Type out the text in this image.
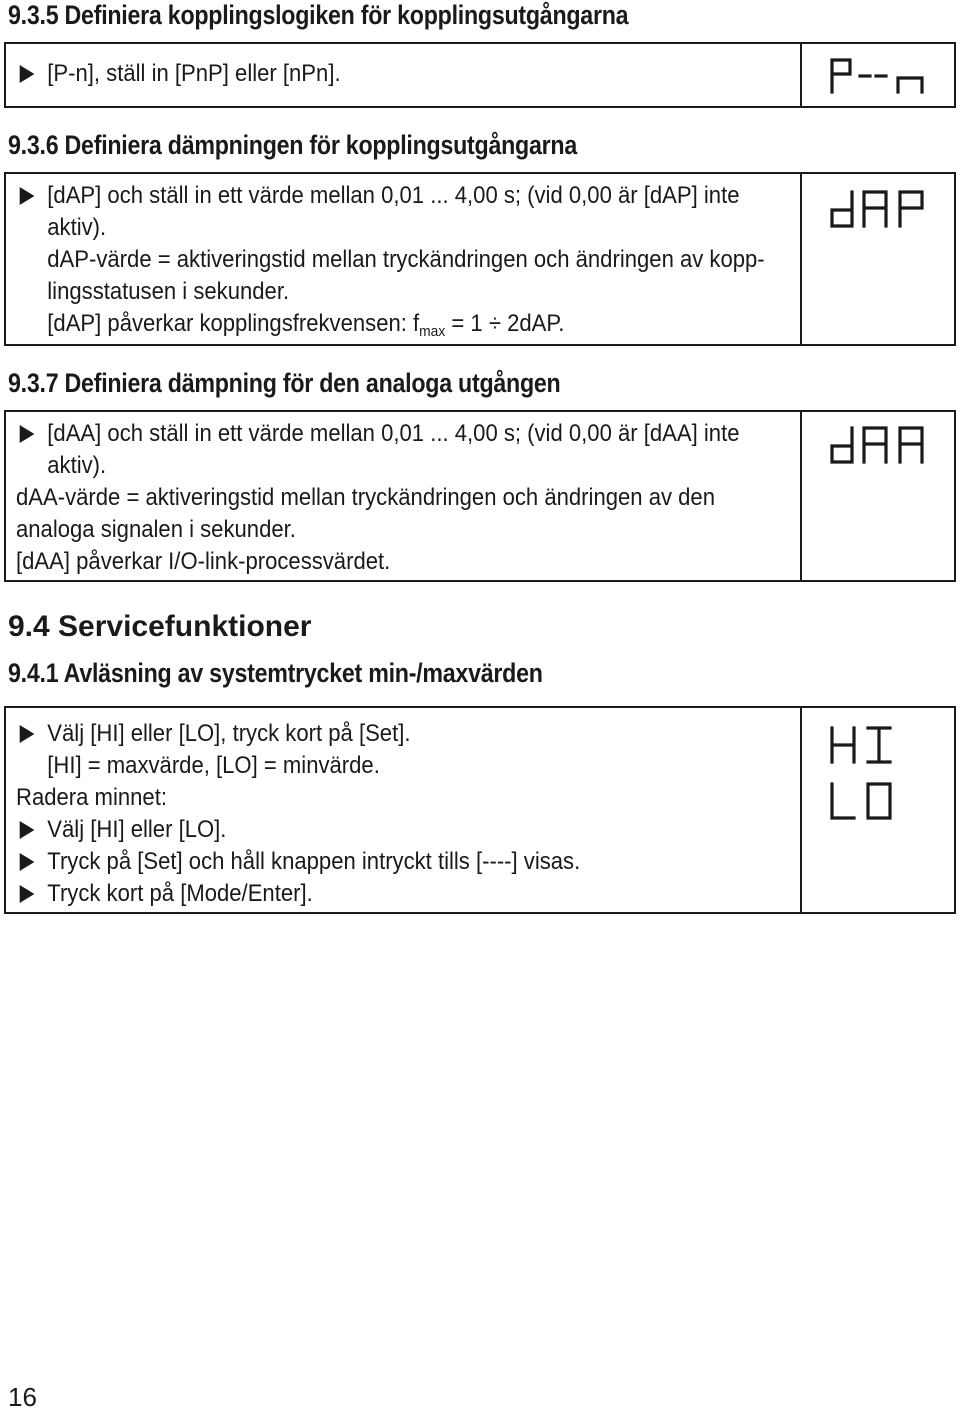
9.3.5 Definiera kopplingslogiken för kopplingsutgångarna
[P-n], ställ in [PnP] eller [nPn].
9.3.6 Definiera dämpningen för kopplingsutgångarna
[dAP] och ställ in ett värde mellan 0,01 ... 4,00 s; (vid 0,00 är [dAP] inte
aktiv).
dAP-värde = aktiveringstid mellan tryckändringen och ändringen av kopp-
lingsstatusen i sekunder.
[dAP] påverkar kopplingsfrekvensen: $f_{max} = 1 \div 2dAP$.
9.3.7 Definiera dämpning för den analoga utgången
[dAA] och ställ in ett värde mellan 0,01 ... 4,00 s; (vid 0,00 är [dAA] inte
aktiv).
dAA-värde = aktiveringstid mellan tryckändringen och ändringen av den
analoga signalen i sekunder.
[dAA] påverkar I/O-link-processvärdet.
9.4 Servicefunktioner
9.4.1 Avläsning av systemtrycket min-/maxvärden
Välj [HI] eller [LO], tryck kort på [Set].
[HI] = maxvärde, [LO] = minvärde.
Radera minnet:
Välj [HI] eller [LO].
Tryck på [Set] och håll knappen intryckt tills [----] visas.
Tryck kort på [Mode/Enter].

16
